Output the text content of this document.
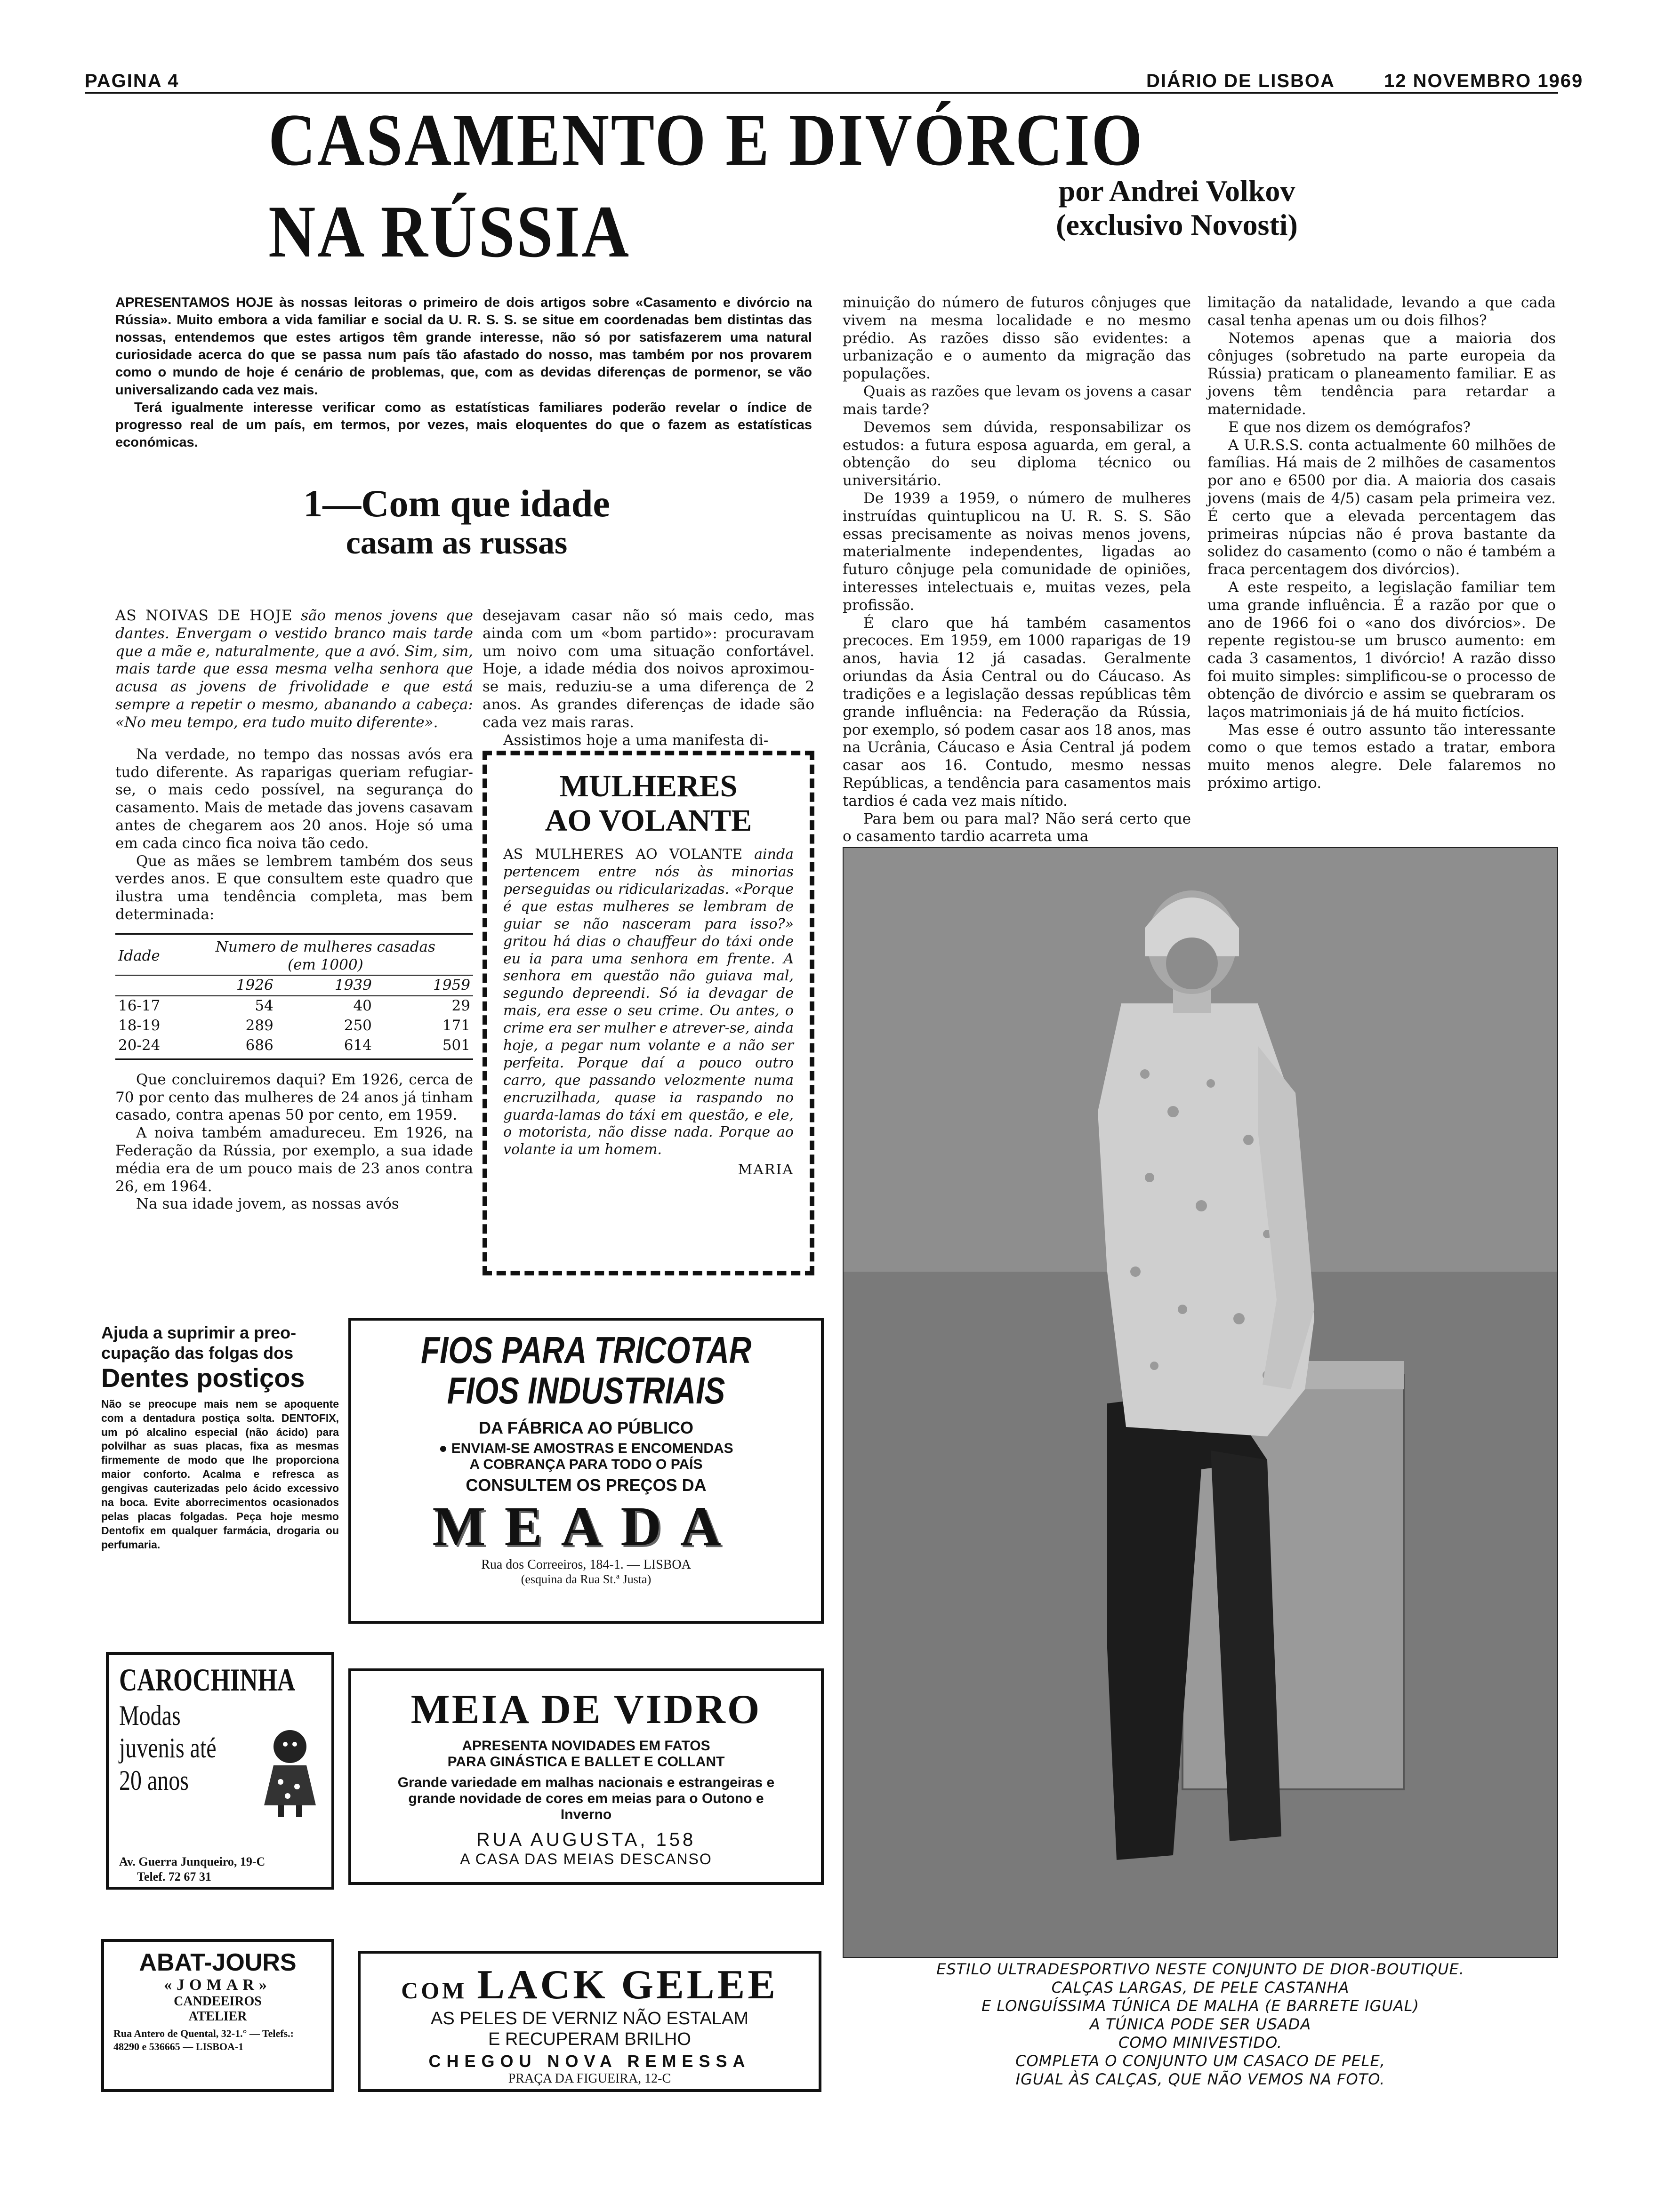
PAGINA 4	DIÁRIO DE LISBOA	12 NOVEMBRO 1969
CASAMENTO E DIVÓRCIO
NA RÚSSIA	por Andrei Volkov
(exclusivo Novosti)

APRESENTAMOS HOJE às nossas leitoras o primeiro de dois artigos sobre «Casamento e divórcio na Rússia». Muito embora a vida familiar e social da U. R. S. S. se situe em coordenadas bem distintas das nossas, entendemos que estes artigos têm grande interesse, não só por satisfazerem uma natural curiosidade acerca do que se passa num país tão afastado do nosso, mas também por nos provarem como o mundo de hoje é cenário de problemas, que, com as devidas diferenças de pormenor, se vão universalizando cada vez mais.

Terá igualmente interesse verificar como as estatísticas familiares poderão revelar o índice de progresso real de um país, em termos, por vezes, mais eloquentes do que o fazem as estatísticas económicas.

1—Com que idade
casam as russas

AS NOIVAS DE HOJE são menos jovens que dantes. Envergam o vestido branco mais tarde que a mãe e, naturalmente, que a avó. Sim, sim, mais tarde que essa mesma velha senhora que acusa as jovens de frivolidade e que está sempre a repetir o mesmo, abanando a cabeça: «No meu tempo, era tudo muito diferente».

Na verdade, no tempo das nossas avós era tudo diferente. As raparigas queriam refugiar-se, o mais cedo possível, na segurança do casamento. Mais de metade das jovens casavam antes de chegarem aos 20 anos. Hoje só uma em cada cinco fica noiva tão cedo.

Que as mães se lembrem também dos seus verdes anos. E que consultem este quadro que ilustra uma tendência completa, mas bem determinada:

Idade	Numero de mulheres casadas
(em 1000)		

	1926	1939	1959
16-17	54	40	29
18-19	289	250	171
20-24	686	614	501

Que concluiremos daqui? Em 1926, cerca de 70 por cento das mulheres de 24 anos já tinham casado, contra apenas 50 por cento, em 1959.

A noiva também amadureceu. Em 1926, na Federação da Rússia, por exemplo, a sua idade média era de um pouco mais de 23 anos contra 26, em 1964.

Na sua idade jovem, as nossas avós

desejavam casar não só mais cedo, mas ainda com um «bom partido»: procuravam um noivo com uma situação confortável. Hoje, a idade média dos noivos aproximou-se mais, reduziu-se a uma diferença de 2 anos. As grandes diferenças de idade são cada vez mais raras.

Assistimos hoje a uma manifesta di-

MULHERES
AO VOLANTE
AS MULHERES AO VOLANTE ainda pertencem entre nós às minorias perseguidas ou ridicularizadas. «Porque é que estas mulheres se lembram de guiar se não nasceram para isso?» gritou há dias o chauffeur do táxi onde eu ia para uma senhora em frente. A senhora em questão não guiava mal, segundo depreendi. Só ia devagar de mais, era esse o seu crime. Ou antes, o crime era ser mulher e atrever-se, ainda hoje, a pegar num volante e a não ser perfeita. Porque daí a pouco outro carro, que passando velozmente numa encruzilhada, quase ia raspando no guarda-lamas do táxi em questão, e ele, o motorista, não disse nada. Porque ao volante ia um homem.
MARIA

minuição do número de futuros cônjuges que vivem na mesma localidade e no mesmo prédio. As razões disso são evidentes: a urbanização e o aumento da migração das populações.

Quais as razões que levam os jovens a casar mais tarde?

Devemos sem dúvida, responsabilizar os estudos: a futura esposa aguarda, em geral, a obtenção do seu diploma técnico ou universitário.

De 1939 a 1959, o número de mulheres instruídas quintuplicou na U. R. S. S. São essas precisamente as noivas menos jovens, materialmente independentes, ligadas ao futuro cônjuge pela comunidade de opiniões, interesses intelectuais e, muitas vezes, pela profissão.

É claro que há também casamentos precoces. Em 1959, em 1000 raparigas de 19 anos, havia 12 já casadas. Geralmente oriundas da Ásia Central ou do Cáucaso. As tradições e a legislação dessas repúblicas têm grande influência: na Federação da Rússia, por exemplo, só podem casar aos 18 anos, mas na Ucrânia, Cáucaso e Ásia Central já podem casar aos 16. Contudo, mesmo nessas Repúblicas, a tendência para casamentos mais tardios é cada vez mais nítido.

Para bem ou para mal? Não será certo que o casamento tardio acarreta uma

limitação da natalidade, levando a que cada casal tenha apenas um ou dois filhos?

Notemos apenas que a maioria dos cônjuges (sobretudo na parte europeia da Rússia) praticam o planeamento familiar. E as jovens têm tendência para retardar a maternidade.

E que nos dizem os demógrafos?

A U.R.S.S. conta actualmente 60 milhões de famílias. Há mais de 2 milhões de casamentos por ano e 6500 por dia. A maioria dos casais jovens (mais de 4/5) casam pela primeira vez. É certo que a elevada percentagem das primeiras núpcias não é prova bastante da solidez do casamento (como o não é também a fraca percentagem dos divórcios).

A este respeito, a legislação familiar tem uma grande influência. É a razão por que o ano de 1966 foi o «ano dos divórcios». De repente registou-se um brusco aumento: em cada 3 casamentos, 1 divórcio! A razão disso foi muito simples: simplificou-se o processo de obtenção de divórcio e assim se quebraram os laços matrimoniais já de há muito fictícios.

Mas esse é outro assunto tão interessante como o que temos estado a tratar, embora muito menos alegre. Dele falaremos no próximo artigo.

ESTILO ULTRADESPORTIVO NESTE CONJUNTO DE DIOR-BOUTIQUE.
CALÇAS LARGAS, DE PELE CASTANHA
E LONGUÍSSIMA TÚNICA DE MALHA (E BARRETE IGUAL)
A TÚNICA PODE SER USADA
COMO MINIVESTIDO.
COMPLETA O CONJUNTO UM CASACO DE PELE,
IGUAL ÀS CALÇAS, QUE NÃO VEMOS NA FOTO.
Ajuda a suprimir a preo-
cupação das folgas dos
Dentes postiços
Não se preocupe mais nem se apoquente com a dentadura postiça solta. DENTOFIX, um pó alcalino especial (não ácido) para polvilhar as suas placas, fixa as mesmas firmemente de modo que lhe proporciona maior conforto. Acalma e refresca as gengivas cauterizadas pelo ácido excessivo na boca. Evite aborrecimentos ocasionados pelas placas folgadas. Peça hoje mesmo Dentofix em qualquer farmácia, drogaria ou perfumaria.
FIOS PARA TRICOTAR
FIOS INDUSTRIAIS
DA FÁBRICA AO PÚBLICO
● ENVIAM-SE AMOSTRAS E ENCOMENDAS
A COBRANÇA PARA TODO O PAÍS
CONSULTEM OS PREÇOS DA
MEADA
Rua dos Correeiros, 184-1. — LISBOA
(esquina da Rua St.ª Justa)
CAROCHINHA
Modas
juvenis até
20 anos
Av. Guerra Junqueiro, 19-C
Telef. 72 67 31
MEIA DE VIDRO
APRESENTA NOVIDADES EM FATOS
PARA GINÁSTICA E BALLET E COLLANT
Grande variedade em malhas nacionais e estrangeiras e grande novidade de cores em meias para o Outono e Inverno
RUA AUGUSTA, 158
A CASA DAS MEIAS DESCANSO
ABAT-JOURS
«JOMAR»
CANDEEIROS
ATELIER
Rua Antero de Quental, 32-1.° — Telefs.: 48290 e 536665 — LISBOA-1
COM LACK GELEE
AS PELES DE VERNIZ NÃO ESTALAM
E RECUPERAM BRILHO
CHEGOU NOVA REMESSA
PRAÇA DA FIGUEIRA, 12-C
